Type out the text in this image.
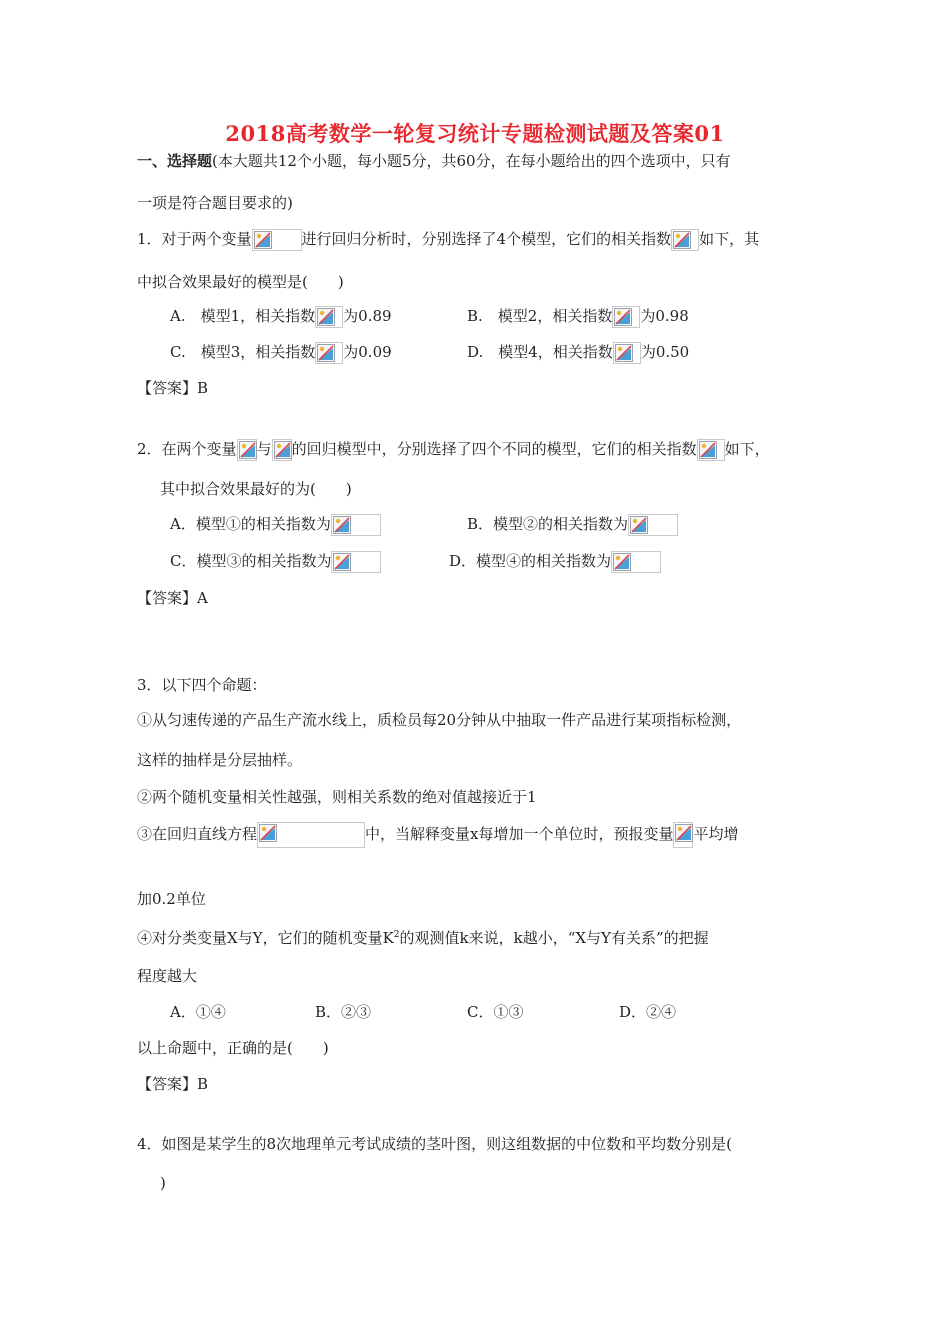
2018高考数学一轮复习统计专题检测试题及答案01
一、选择题(本大题共12个小题，每小题5分，共60分，在每小题给出的四个选项中，只有
一项是符合题目要求的)
1．对于两个变量	进行回归分析时，分别选择了4个模型，它们的相关指数 如下，其
中拟合效果最好的模型是(　　)
A.　模型1，相关指数 为0.89	B.　模型2，相关指数 为0.98
C.　模型3，相关指数 为0.09	D.　模型4，相关指数 为0.50
【答案】B
2．在两个变量 与 的回归模型中，分别选择了四个不同的模型，它们的相关指数 如下，
其中拟合效果最好的为(　　)
A．模型①的相关指数为	B．模型②的相关指数为
C．模型③的相关指数为	D．模型④的相关指数为
【答案】A
3．以下四个命题：
①从匀速传递的产品生产流水线上，质检员每20分钟从中抽取一件产品进行某项指标检测，
这样的抽样是分层抽样。
②两个随机变量相关性越强，则相关系数的绝对值越接近于1
③在回归直线方程	中，当解释变量x每增加一个单位时，预报变量 平均增
加0.2单位
④对分类变量X与Y，它们的随机变量$K^2$的观测值k来说，k越小，“X与Y有关系”的把握
程度越大
A．①④	B．②③	C．①③	D．②④
以上命题中，正确的是(　　)
【答案】B
4．如图是某学生的8次地理单元考试成绩的茎叶图，则这组数据的中位数和平均数分别是(
)
